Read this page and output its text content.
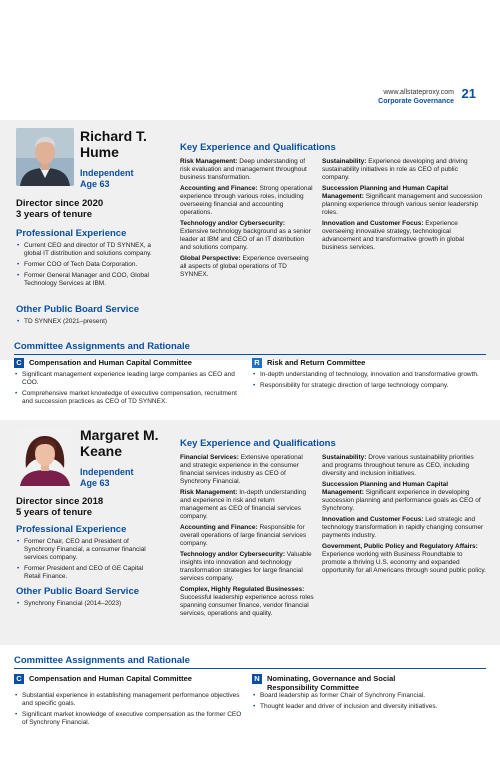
www.allstateproxy.com
Corporate Governance
21
Richard T.
Hume
Independent
Age 63
Director since 2020
3 years of tenure
Professional Experience
• Current CEO and director of TD SYNNEX, a global IT distribution and solutions company.
• Former COO of Tech Data Corporation.
• Former General Manager and COO, Global Technology Services at IBM.
Other Public Board Service
• TD SYNNEX (2021–present)
Key Experience and Qualifications

Risk Management: Deep understanding of risk evaluation and management throughout business transformation.

Accounting and Finance: Strong operational experience through various roles, including overseeing financial and accounting operations.

Technology and/or Cybersecurity: Extensive technology background as a senior leader at IBM and CEO of an IT distribution and solutions company.

Global Perspective: Experience overseeing all aspects of global operations of TD SYNNEX.

Sustainability: Experience developing and driving sustainability initiatives in role as CEO of public company.

Succession Planning and Human Capital Management: Significant management and succession planning experience through various senior leadership roles.

Innovation and Customer Focus: Experience overseeing innovative strategy, technological advancement and transformative growth in global business services.

Committee Assignments and Rationale
C Compensation and Human Capital Committee
• Significant management experience leading large companies as CEO and COO.
• Comprehensive market knowledge of executive compensation, recruitment and succession practices as CEO of TD SYNNEX.
R Risk and Return Committee
• In-depth understanding of technology, innovation and transformative growth.
• Responsibility for strategic direction of large technology company.
Margaret M.
Keane
Independent
Age 63
Director since 2018
5 years of tenure
Professional Experience
• Former Chair, CEO and President of Synchrony Financial, a consumer financial services company.
• Former President and CEO of GE Capital Retail Finance.
Other Public Board Service
• Synchrony Financial (2014–2023)
Key Experience and Qualifications

Financial Services: Extensive operational and strategic experience in the consumer financial services industry as CEO of Synchrony Financial.

Risk Management: In-depth understanding and experience in risk and return management as CEO of financial services company.

Accounting and Finance: Responsible for overall operations of large financial services company.

Technology and/or Cybersecurity: Valuable insights into innovation and technology transformation strategies for large financial services company.

Complex, Highly Regulated Businesses: Successful leadership experience across roles spanning consumer finance, vendor financial services, operations and quality.

Sustainability: Drove various sustainability priorities and programs throughout tenure as CEO, including diversity and inclusion initiatives.

Succession Planning and Human Capital Management: Significant experience in developing succession planning and performance goals as CEO of Synchrony.

Innovation and Customer Focus: Led strategic and technology transformation in rapidly changing consumer payments industry.

Government, Public Policy and Regulatory Affairs: Experience working with Business Roundtable to promote a thriving U.S. economy and expanded opportunity for all Americans through sound public policy.

Committee Assignments and Rationale
C Compensation and Human Capital Committee
• Substantial experience in establishing management performance objectives and specific goals.
• Significant market knowledge of executive compensation as the former CEO of Synchrony Financial.
N Nominating, Governance and Social Responsibility Committee
• Board leadership as former Chair of Synchrony Financial.
• Thought leader and driver of inclusion and diversity initiatives.
